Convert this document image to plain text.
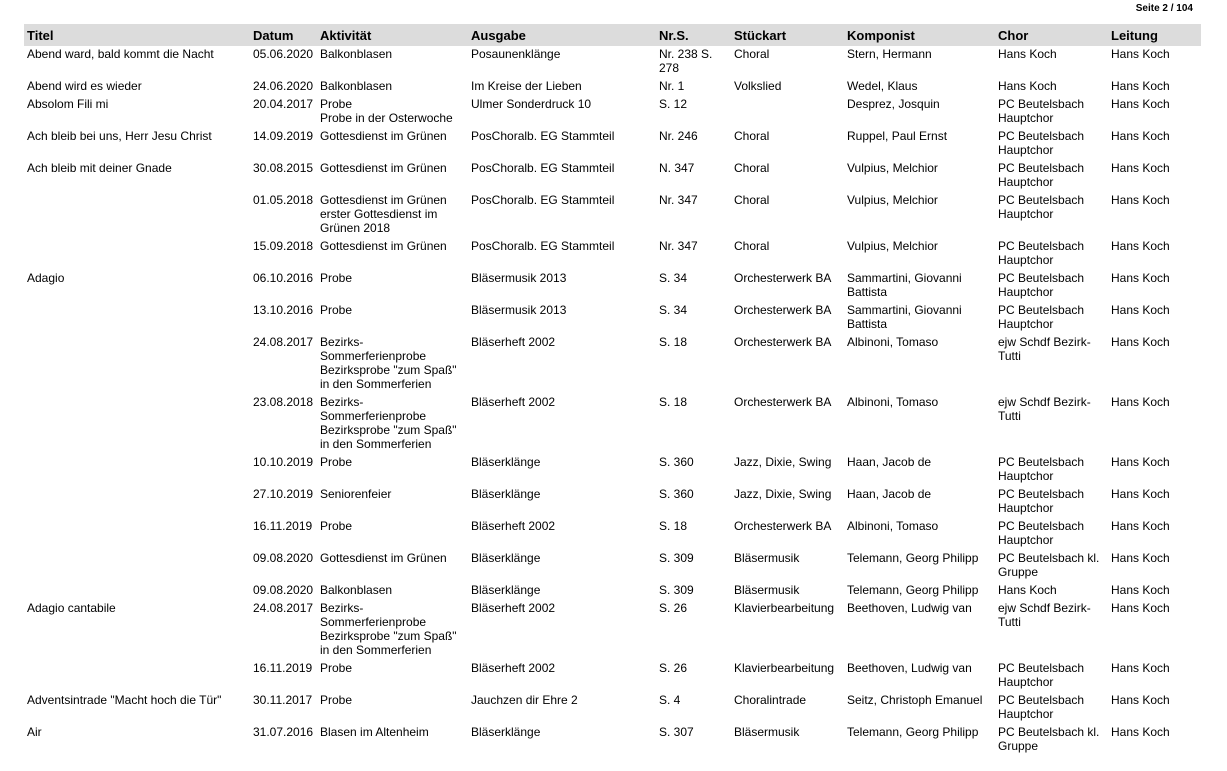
Seite 2 / 104
Titel	Datum	Aktivität	Ausgabe	Nr.S.	Stückart	Komponist	Chor	Leitung
Abend ward, bald kommt die Nacht	05.06.2020	Balkonblasen	Posaunenklänge	Nr. 238 S.
278	Choral	Stern, Hermann	Hans Koch	Hans Koch
Abend wird es wieder	24.06.2020	Balkonblasen	Im Kreise der Lieben	Nr. 1	Volkslied	Wedel, Klaus	Hans Koch	Hans Koch
Absolom Fili mi	20.04.2017	Probe
Probe in der Osterwoche	Ulmer Sonderdruck 10	S. 12		Desprez, Josquin	PC Beutelsbach
Hauptchor	Hans Koch
Ach bleib bei uns, Herr Jesu Christ	14.09.2019	Gottesdienst im Grünen	PosChoralb. EG Stammteil	Nr. 246	Choral	Ruppel, Paul Ernst	PC Beutelsbach
Hauptchor	Hans Koch
Ach bleib mit deiner Gnade	30.08.2015	Gottesdienst im Grünen	PosChoralb. EG Stammteil	N. 347	Choral	Vulpius, Melchior	PC Beutelsbach
Hauptchor	Hans Koch
	01.05.2018	Gottesdienst im Grünen
erster Gottesdienst im
Grünen 2018	PosChoralb. EG Stammteil	Nr. 347	Choral	Vulpius, Melchior	PC Beutelsbach
Hauptchor	Hans Koch
	15.09.2018	Gottesdienst im Grünen	PosChoralb. EG Stammteil	Nr. 347	Choral	Vulpius, Melchior	PC Beutelsbach
Hauptchor	Hans Koch
Adagio	06.10.2016	Probe	Bläsermusik 2013	S. 34	Orchesterwerk BA	Sammartini, Giovanni
Battista	PC Beutelsbach
Hauptchor	Hans Koch
	13.10.2016	Probe	Bläsermusik 2013	S. 34	Orchesterwerk BA	Sammartini, Giovanni
Battista	PC Beutelsbach
Hauptchor	Hans Koch
	24.08.2017	Bezirks-
Sommerferienprobe
Bezirksprobe "zum Spaß"
in den Sommerferien	Bläserheft 2002	S. 18	Orchesterwerk BA	Albinoni, Tomaso	ejw Schdf Bezirk-
Tutti	Hans Koch
	23.08.2018	Bezirks-
Sommerferienprobe
Bezirksprobe "zum Spaß"
in den Sommerferien	Bläserheft 2002	S. 18	Orchesterwerk BA	Albinoni, Tomaso	ejw Schdf Bezirk-
Tutti	Hans Koch
	10.10.2019	Probe	Bläserklänge	S. 360	Jazz, Dixie, Swing	Haan, Jacob de	PC Beutelsbach
Hauptchor	Hans Koch
	27.10.2019	Seniorenfeier	Bläserklänge	S. 360	Jazz, Dixie, Swing	Haan, Jacob de	PC Beutelsbach
Hauptchor	Hans Koch
	16.11.2019	Probe	Bläserheft 2002	S. 18	Orchesterwerk BA	Albinoni, Tomaso	PC Beutelsbach
Hauptchor	Hans Koch
	09.08.2020	Gottesdienst im Grünen	Bläserklänge	S. 309	Bläsermusik	Telemann, Georg Philipp	PC Beutelsbach kl.
Gruppe	Hans Koch
	09.08.2020	Balkonblasen	Bläserklänge	S. 309	Bläsermusik	Telemann, Georg Philipp	Hans Koch	Hans Koch
Adagio cantabile	24.08.2017	Bezirks-
Sommerferienprobe
Bezirksprobe "zum Spaß"
in den Sommerferien	Bläserheft 2002	S. 26	Klavierbearbeitung	Beethoven, Ludwig van	ejw Schdf Bezirk-
Tutti	Hans Koch
	16.11.2019	Probe	Bläserheft 2002	S. 26	Klavierbearbeitung	Beethoven, Ludwig van	PC Beutelsbach
Hauptchor	Hans Koch
Adventsintrade "Macht hoch die Tür"	30.11.2017	Probe	Jauchzen dir Ehre 2	S. 4	Choralintrade	Seitz, Christoph Emanuel	PC Beutelsbach
Hauptchor	Hans Koch
Air	31.07.2016	Blasen im Altenheim	Bläserklänge	S. 307	Bläsermusik	Telemann, Georg Philipp	PC Beutelsbach kl.
Gruppe	Hans Koch
